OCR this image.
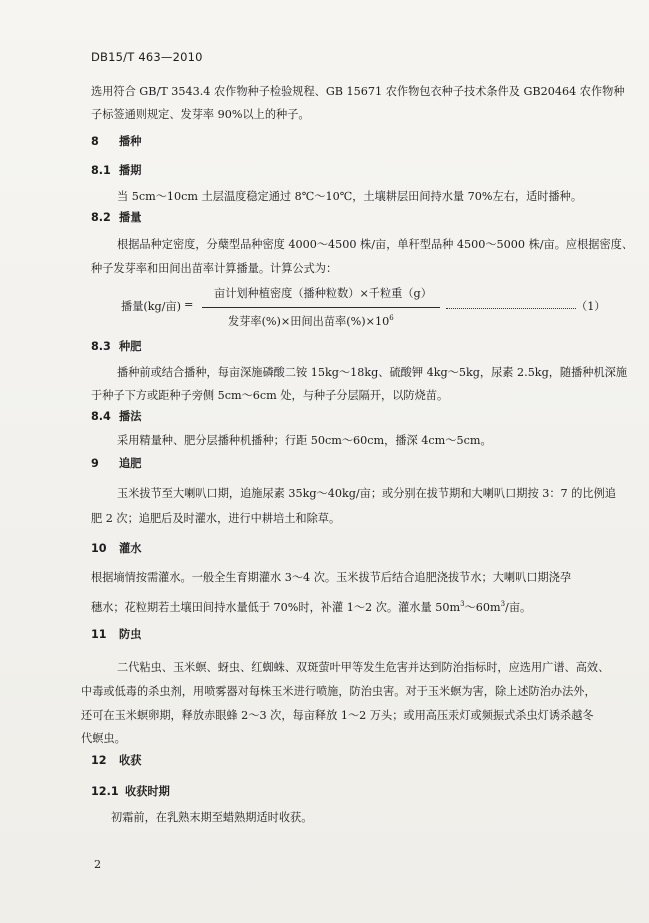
DB15/T 463—2010
选用符合 GB/T 3543.4 农作物种子检验规程、GB 15671 农作物包衣种子技术条件及 GB20464 农作物种
子标签通则规定、发芽率 90%以上的种子。
8 播种
8.1 播期
当 5cm～10cm 土层温度稳定通过 8℃～10℃，土壤耕层田间持水量 70%左右，适时播种。
8.2 播量
根据品种定密度，分蘖型品种密度 4000～4500 株/亩，单秆型品种 4500～5000 株/亩。应根据密度、
种子发芽率和田间出苗率计算播量。计算公式为：
播量(kg/亩) =
亩计划种植密度（播种粒数）×千粒重（g）
发芽率(%)×田间出苗率$(\%)\times 10^6$
（1）
8.3 种肥
播种前或结合播种，每亩深施磷酸二铵 15kg～18kg、硫酸钾 4kg～5kg，尿素 2.5kg，随播种机深施
于种子下方或距种子旁侧 5cm～6cm 处，与种子分层隔开，以防烧苗。
8.4 播法
采用精量种、肥分层播种机播种；行距 50cm～60cm，播深 4cm～5cm。
9 追肥
玉米拔节至大喇叭口期，追施尿素 35kg～40kg/亩；或分别在拔节期和大喇叭口期按 3：7 的比例追
肥 2 次；追肥后及时灌水，进行中耕培土和除草。
10 灌水
根据墒情按需灌水。一般全生育期灌水 3～4 次。玉米拔节后结合追肥浇拔节水；大喇叭口期浇孕
穗水；花粒期若土壤田间持水量低于 70%时，补灌 1～2 次。灌水量 $50m^3\sim 60m^3/$亩。
11 防虫
二代粘虫、玉米螟、蚜虫、红蜘蛛、双斑萤叶甲等发生危害并达到防治指标时，应选用广谱、高效、
中毒或低毒的杀虫剂，用喷雾器对每株玉米进行喷施，防治虫害。对于玉米螟为害，除上述防治办法外，
还可在玉米螟卵期，释放赤眼蜂 2～3 次，每亩释放 1～2 万头；或用高压汞灯或频振式杀虫灯诱杀越冬
代螟虫。
12 收获
12.1 收获时期
初霜前，在乳熟末期至蜡熟期适时收获。
2
